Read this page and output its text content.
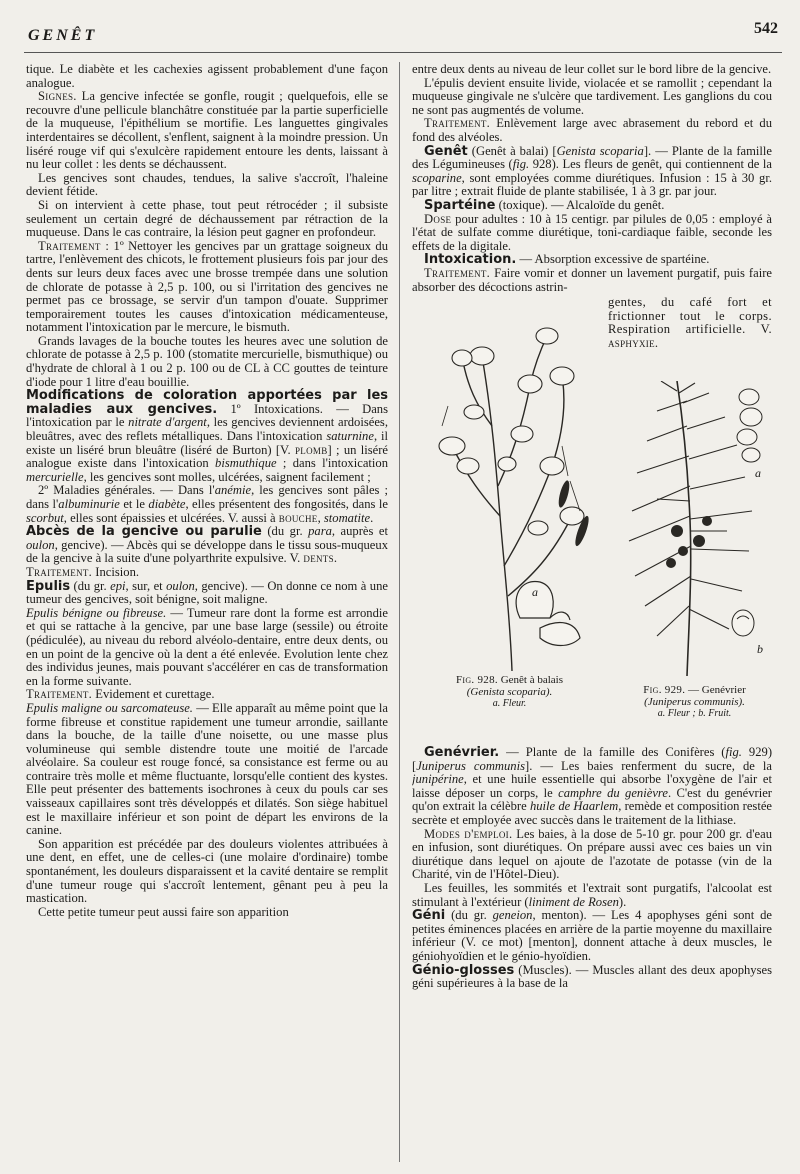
GENÊT	542

tique. Le diabète et les cachexies agissent probablement d'une façon analogue.

Signes. La gencive infectée se gonfle, rougit ; quelquefois, elle se recouvre d'une pellicule blanchâtre constituée par la partie superficielle de la muqueuse, l'épithélium se mortifie. Les languettes gingivales interdentaires se décollent, s'enflent, saignent à la moindre pression. Un liséré rouge vif qui s'exulcère rapidement entoure les dents, laissant à nu leur collet : les dents se déchaussent.

Les gencives sont chaudes, tendues, la salive s'accroît, l'haleine devient fétide.

Si on intervient à cette phase, tout peut rétrocéder ; il subsiste seulement un certain degré de déchaussement par rétraction de la muqueuse. Dans le cas contraire, la lésion peut gagner en profondeur.

Traitement : 1º Nettoyer les gencives par un grattage soigneux du tartre, l'enlèvement des chicots, le frottement plusieurs fois par jour des dents sur leurs deux faces avec une brosse trempée dans une solution de chlorate de potasse à 2,5 p. 100, ou si l'irritation des gencives ne permet pas ce brossage, se servir d'un tampon d'ouate. Supprimer temporairement toutes les causes d'intoxication médicamenteuse, notamment l'intoxication par le mercure, le bismuth.

Grands lavages de la bouche toutes les heures avec une solution de chlorate de potasse à 2,5 p. 100 (stomatite mercurielle, bismuthique) ou d'hydrate de chloral à 1 ou 2 p. 100 ou de CL à CC gouttes de teinture d'iode pour 1 litre d'eau bouillie.

Modifications de coloration apportées par les maladies aux gencives. 1º Intoxications. — Dans l'intoxication par le nitrate d'argent, les gencives deviennent ardoisées, bleuâtres, avec des reflets métalliques. Dans l'intoxication saturnine, il existe un liséré brun bleuâtre (liséré de Burton) [V. plomb] ; un liséré analogue existe dans l'intoxication bismuthique ; dans l'intoxication mercurielle, les gencives sont molles, ulcérées, saignent facilement ;

2º Maladies générales. — Dans l'anémie, les gencives sont pâles ; dans l'albuminurie et le diabète, elles présentent des fongosités, dans le scorbut, elles sont épaissies et ulcérées. V. aussi à bouche, stomatite.

Abcès de la gencive ou parulie (du gr. para, auprès et oulon, gencive). — Abcès qui se développe dans le tissu sous-muqueux de la gencive à la suite d'une polyarthrite expulsive. V. dents.

Traitement. Incision.

Epulis (du gr. epi, sur, et oulon, gencive). — On donne ce nom à une tumeur des gencives, soit bénigne, soit maligne.

Epulis bénigne ou fibreuse. — Tumeur rare dont la forme est arrondie et qui se rattache à la gencive, par une base large (sessile) ou étroite (pédiculée), au niveau du rebord alvéolo-dentaire, entre deux dents, ou en un point de la gencive où la dent a été enlevée. Evolution lente chez des individus jeunes, mais pouvant s'accélérer en cas de transformation en la forme suivante.

Traitement. Evidement et curettage.

Epulis maligne ou sarcomateuse. — Elle apparaît au même point que la forme fibreuse et constitue rapidement une tumeur arrondie, saillante dans la bouche, de la taille d'une noisette, ou une masse plus volumineuse qui semble distendre toute une moitié de l'arcade alvéolaire. Sa couleur est rouge foncé, sa consistance est ferme ou au contraire très molle et même fluctuante, lorsqu'elle contient des kystes. Elle peut présenter des battements isochrones à ceux du pouls car ses vaisseaux capillaires sont très développés et dilatés. Son siège habituel est le maxillaire inférieur et son point de départ les environs de la canine.

Son apparition est précédée par des douleurs violentes attribuées à une dent, en effet, une de celles-ci (une molaire d'ordinaire) tombe spontanément, les douleurs disparaissent et la cavité dentaire se remplit d'une tumeur rouge qui s'accroît lentement, gênant peu à peu la mastication.

Cette petite tumeur peut aussi faire son apparition

entre deux dents au niveau de leur collet sur le bord libre de la gencive.

L'épulis devient ensuite livide, violacée et se ramollit ; cependant la muqueuse gingivale ne s'ulcère que tardivement. Les ganglions du cou ne sont pas augmentés de volume.

Traitement. Enlèvement large avec abrasement du rebord et du fond des alvéoles.

Genêt (Genêt à balai) [Genista scoparia]. — Plante de la famille des Légumineuses (fig. 928). Les fleurs de genêt, qui contiennent de la scoparine, sont employées comme diurétiques. Infusion : 15 à 30 gr. par litre ; extrait fluide de plante stabilisée, 1 à 3 gr. par jour.

Spartéine (toxique). — Alcaloïde du genêt.

Dose pour adultes : 10 à 15 centigr. par pilules de 0,05 : employé à l'état de sulfate comme diurétique, toni-cardiaque faible, seconde les effets de la digitale.

Intoxication. — Absorption excessive de spartéine.

Traitement. Faire vomir et donner un lavement purgatif, puis faire absorber des décoctions astrin-

gentes, du café fort et frictionner tout le corps. Respiration artificielle. V. asphyxie.

a
Fig. 928. Genêt à balais
(Genista scoparia).
a. Fleur.
a
b
Fig. 929. — Genévrier
(Juniperus communis).
a. Fleur ; b. Fruit.

Genévrier. — Plante de la famille des Conifères (fig. 929) [Juniperus communis]. — Les baies renferment du sucre, de la junipérine, et une huile essentielle qui absorbe l'oxygène de l'air et laisse déposer un corps, le camphre du genièvre. C'est du genévrier qu'on extrait la célèbre huile de Haarlem, remède et composition restée secrète et employée avec succès dans le traitement de la lithiase.

Modes d'emploi. Les baies, à la dose de 5-10 gr. pour 200 gr. d'eau en infusion, sont diurétiques. On prépare aussi avec ces baies un vin diurétique dans lequel on ajoute de l'azotate de potasse (vin de la Charité, vin de l'Hôtel-Dieu).

Les feuilles, les sommités et l'extrait sont purgatifs, l'alcoolat est stimulant à l'extérieur (liniment de Rosen).

Géni (du gr. geneion, menton). — Les 4 apophyses géni sont de petites éminences placées en arrière de la partie moyenne du maxillaire inférieur (V. ce mot) [menton], donnent attache à deux muscles, le géniohyoïdien et le génio-hyoïdien.

Génio-glosses (Muscles). — Muscles allant des deux apophyses géni supérieures à la base de la
